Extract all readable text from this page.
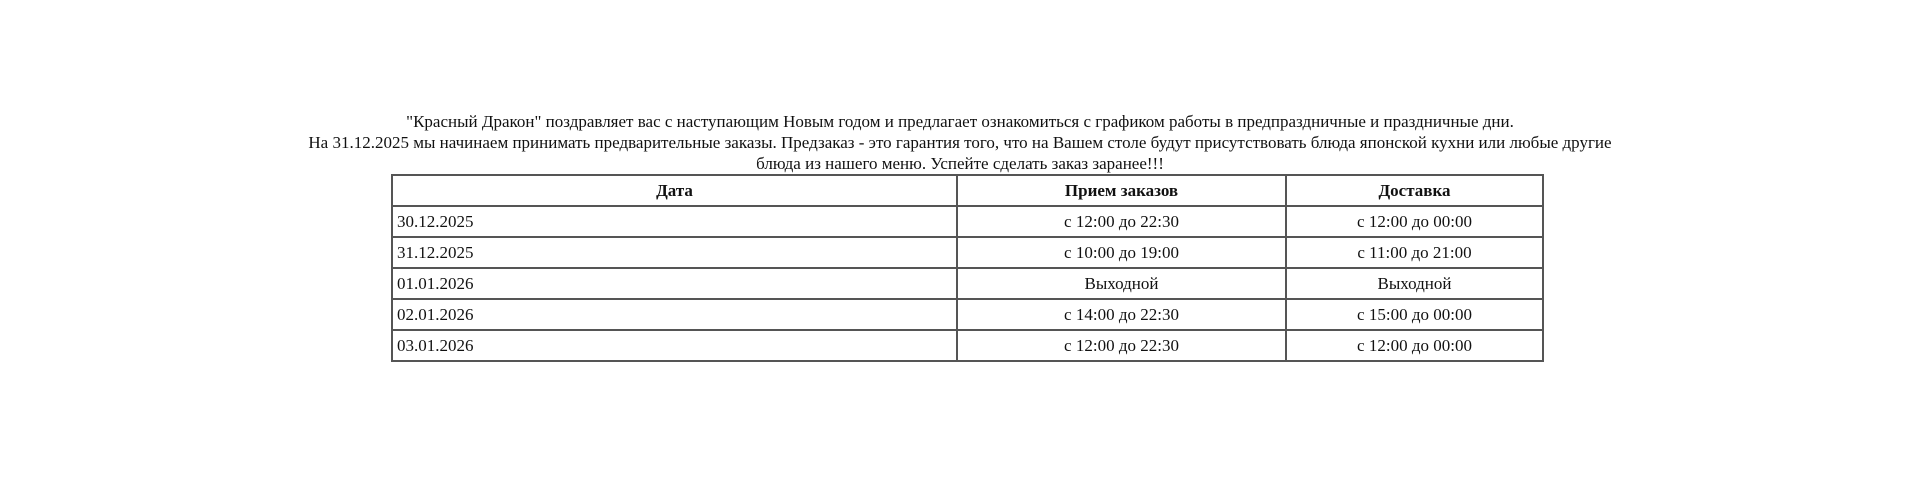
"Красный Дракон" поздравляет вас с наступающим Новым годом и предлагает ознакомиться с графиком работы в предпраздничные и праздничные дни.

На 31.12.2025 мы начинаем принимать предварительные заказы. Предзаказ - это гарантия того, что на Вашем столе будут присутствовать блюда японской кухни или любые другие

блюда из нашего меню. Успейте сделать заказ заранее!!!

Дата	Прием заказов	Доставка
30.12.2025	с 12:00 до 22:30	с 12:00 до 00:00
31.12.2025	с 10:00 до 19:00	с 11:00 до 21:00
01.01.2026	Выходной	Выходной
02.01.2026	с 14:00 до 22:30	с 15:00 до 00:00
03.01.2026	с 12:00 до 22:30	с 12:00 до 00:00
